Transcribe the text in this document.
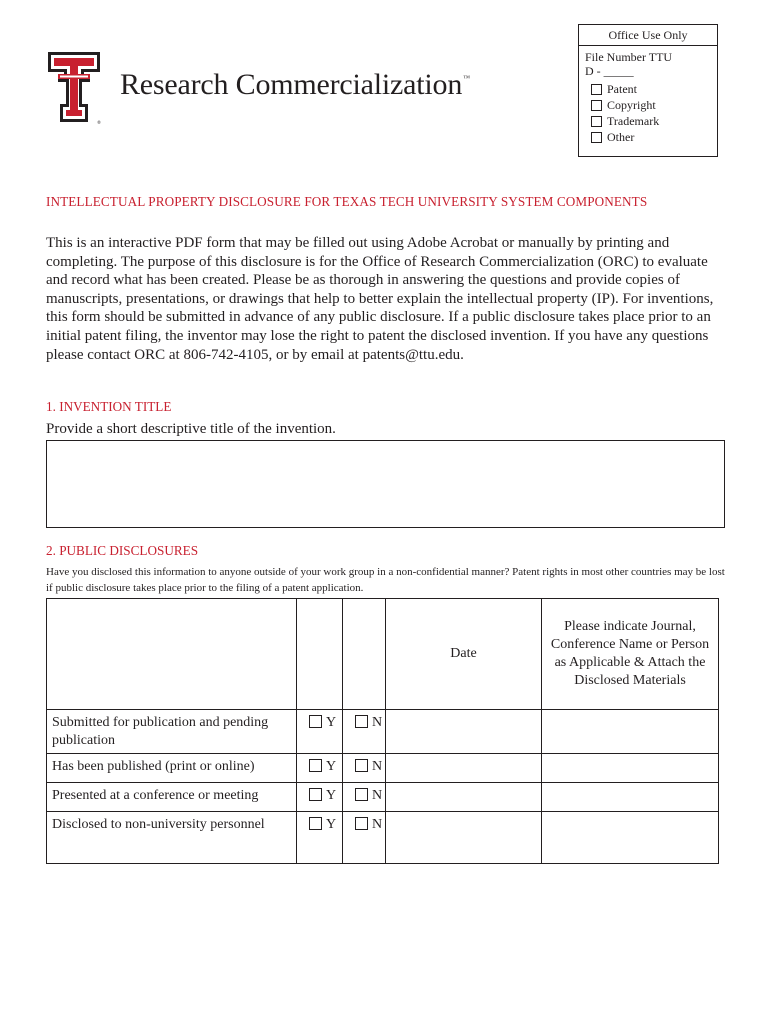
®
Research Commercialization™
Office Use Only
File Number TTU
D - _____
Patent
Copyright
Trademark
Other
INTELLECTUAL PROPERTY DISCLOSURE FOR TEXAS TECH UNIVERSITY SYSTEM COMPONENTS
This is an interactive PDF form that may be filled out using Adobe Acrobat or manually by printing and completing. The purpose of this disclosure is for the Office of Research Commercialization (ORC) to evaluate and record what has been created. Please be as thorough in answering the questions and provide copies of manuscripts, presentations, or drawings that help to better explain the intellectual property (IP). For inventions, this form should be submitted in advance of any public disclosure. If a public disclosure takes place prior to an initial patent filing, the inventor may lose the right to patent the disclosed invention. If you have any questions please contact ORC at 806-742-4105, or by email at patents@ttu.edu.
1. INVENTION TITLE
Provide a short descriptive title of the invention.
2. PUBLIC DISCLOSURES
Have you disclosed this information to anyone outside of your work group in a non-confidential manner? Patent rights in most other countries may be lost if public disclosure takes place prior to the filing of a patent application.
			Date	Please indicate Journal, Conference Name or Person as Applicable & Attach the Disclosed Materials
Submitted for publication and pending publication	Y	N		
Has been published (print or online)	Y	N		
Presented at a conference or meeting	Y	N		
Disclosed to non-university personnel	Y	N		
